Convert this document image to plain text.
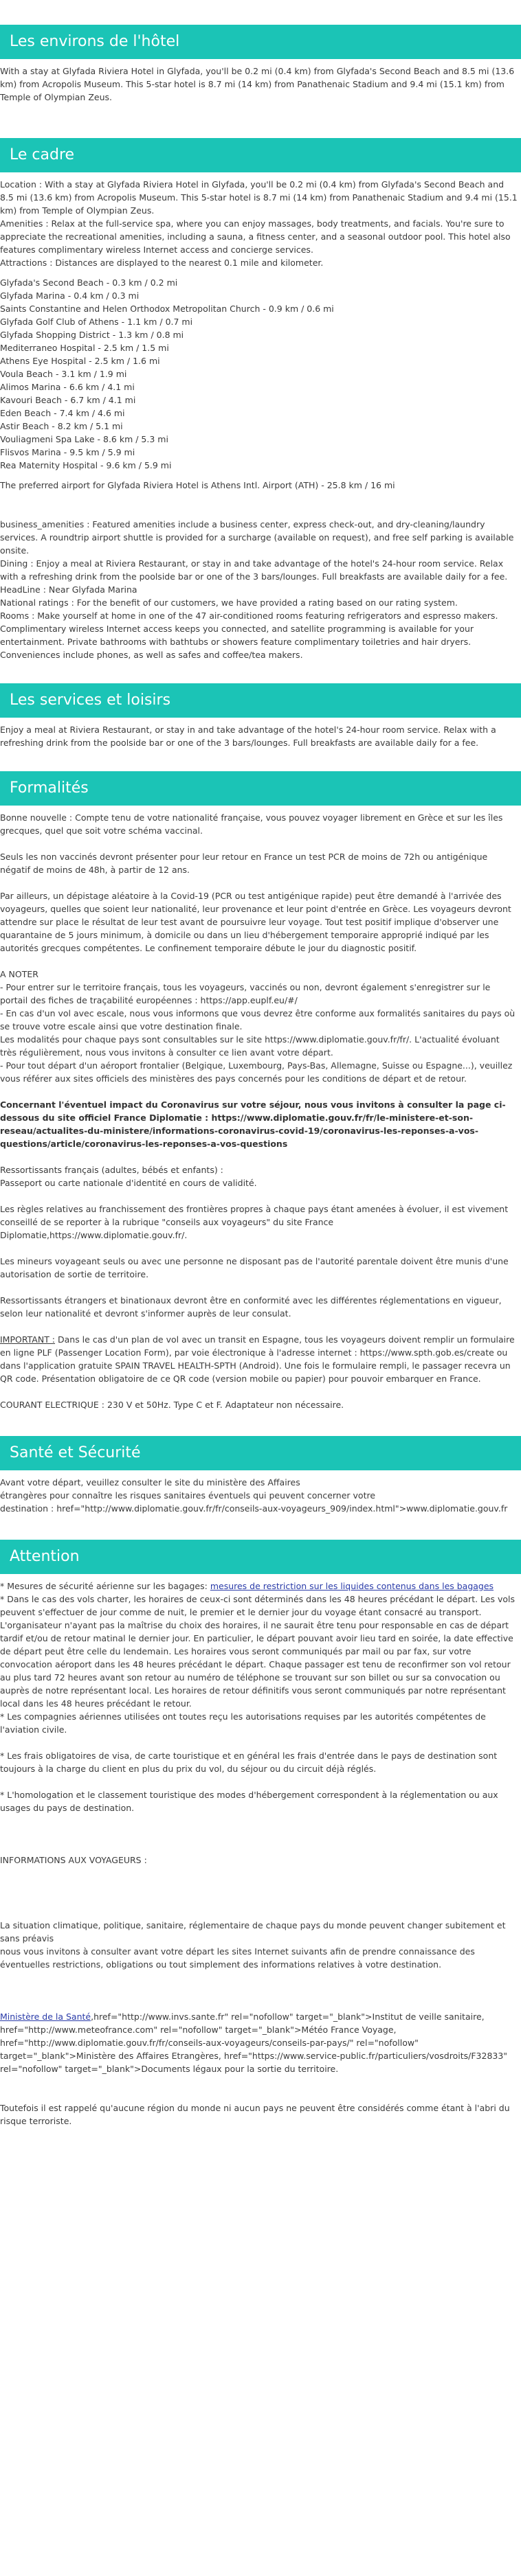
Les environs de l'hôtel

With a stay at Glyfada Riviera Hotel in Glyfada, you'll be 0.2 mi (0.4 km) from Glyfada's Second Beach and 8.5 mi (13.6 km) from Acropolis Museum. This 5-star hotel is 8.7 mi (14 km) from Panathenaic Stadium and 9.4 mi (15.1 km) from Temple of Olympian Zeus.

Le cadre

Location : With a stay at Glyfada Riviera Hotel in Glyfada, you'll be 0.2 mi (0.4 km) from Glyfada's Second Beach and 8.5 mi (13.6 km) from Acropolis Museum. This 5-star hotel is 8.7 mi (14 km) from Panathenaic Stadium and 9.4 mi (15.1 km) from Temple of Olympian Zeus.

Amenities : Relax at the full-service spa, where you can enjoy massages, body treatments, and facials. You're sure to appreciate the recreational amenities, including a sauna, a fitness center, and a seasonal outdoor pool. This hotel also features complimentary wireless Internet access and concierge services.

Attractions : Distances are displayed to the nearest 0.1 mile and kilometer.

Glyfada's Second Beach - 0.3 km / 0.2 mi

Glyfada Marina - 0.4 km / 0.3 mi

Saints Constantine and Helen Orthodox Metropolitan Church - 0.9 km / 0.6 mi

Glyfada Golf Club of Athens - 1.1 km / 0.7 mi

Glyfada Shopping District - 1.3 km / 0.8 mi

Mediterraneo Hospital - 2.5 km / 1.5 mi

Athens Eye Hospital - 2.5 km / 1.6 mi

Voula Beach - 3.1 km / 1.9 mi

Alimos Marina - 6.6 km / 4.1 mi

Kavouri Beach - 6.7 km / 4.1 mi

Eden Beach - 7.4 km / 4.6 mi

Astir Beach - 8.2 km / 5.1 mi

Vouliagmeni Spa Lake - 8.6 km / 5.3 mi

Flisvos Marina - 9.5 km / 5.9 mi

Rea Maternity Hospital - 9.6 km / 5.9 mi

The preferred airport for Glyfada Riviera Hotel is Athens Intl. Airport (ATH) - 25.8 km / 16 mi

business_amenities : Featured amenities include a business center, express check-out, and dry-cleaning/laundry services. A roundtrip airport shuttle is provided for a surcharge (available on request), and free self parking is available onsite.

Dining : Enjoy a meal at Riviera Restaurant, or stay in and take advantage of the hotel's 24-hour room service. Relax with a refreshing drink from the poolside bar or one of the 3 bars/lounges. Full breakfasts are available daily for a fee.

HeadLine : Near Glyfada Marina

National ratings : For the benefit of our customers, we have provided a rating based on our rating system.

Rooms : Make yourself at home in one of the 47 air-conditioned rooms featuring refrigerators and espresso makers. Complimentary wireless Internet access keeps you connected, and satellite programming is available for your entertainment. Private bathrooms with bathtubs or showers feature complimentary toiletries and hair dryers. Conveniences include phones, as well as safes and coffee/tea makers.

Les services et loisirs

Enjoy a meal at Riviera Restaurant, or stay in and take advantage of the hotel's 24-hour room service. Relax with a refreshing drink from the poolside bar or one of the 3 bars/lounges. Full breakfasts are available daily for a fee.

Formalités

Bonne nouvelle : Compte tenu de votre nationalité française, vous pouvez voyager librement en Grèce et sur les îles grecques, quel que soit votre schéma vaccinal.

Seuls les non vaccinés devront présenter pour leur retour en France un test PCR de moins de 72h ou antigénique négatif de moins de 48h, à partir de 12 ans.

Par ailleurs, un dépistage aléatoire à la Covid-19 (PCR ou test antigénique rapide) peut être demandé à l'arrivée des voyageurs, quelles que soient leur nationalité, leur provenance et leur point d'entrée en Grèce. Les voyageurs devront attendre sur place le résultat de leur test avant de poursuivre leur voyage. Tout test positif implique d'observer une quarantaine de 5 jours minimum, à domicile ou dans un lieu d'hébergement temporaire approprié indiqué par les autorités grecques compétentes. Le confinement temporaire débute le jour du diagnostic positif.

A NOTER

- Pour entrer sur le territoire français, tous les voyageurs, vaccinés ou non, devront également s'enregistrer sur le portail des fiches de traçabilité européennes : https://app.euplf.eu/#/

- En cas d'un vol avec escale, nous vous informons que vous devrez être conforme aux formalités sanitaires du pays où se trouve votre escale ainsi que votre destination finale.

Les modalités pour chaque pays sont consultables sur le site https://www.diplomatie.gouv.fr/fr/. L'actualité évoluant très régulièrement, nous vous invitons à consulter ce lien avant votre départ.

- Pour tout départ d'un aéroport frontalier (Belgique, Luxembourg, Pays-Bas, Allemagne, Suisse ou Espagne...), veuillez vous référer aux sites officiels des ministères des pays concernés pour les conditions de départ et de retour.

Concernant l'éventuel impact du Coronavirus sur votre séjour, nous vous invitons à consulter la page ci-dessous du site officiel France Diplomatie : https://www.diplomatie.gouv.fr/fr/le-ministere-et-son-reseau/actualites-du-ministere/informations-coronavirus-covid-19/coronavirus-les-reponses-a-vos-questions/article/coronavirus-les-reponses-a-vos-questions

Ressortissants français (adultes, bébés et enfants) :

Passeport ou carte nationale d'identité en cours de validité.

Les règles relatives au franchissement des frontières propres à chaque pays étant amenées à évoluer, il est vivement conseillé de se reporter à la rubrique "conseils aux voyageurs" du site France Diplomatie,https://www.diplomatie.gouv.fr/.

Les mineurs voyageant seuls ou avec une personne ne disposant pas de l'autorité parentale doivent être munis d'une autorisation de sortie de territoire.

Ressortissants étrangers et binationaux devront être en conformité avec les différentes réglementations en vigueur, selon leur nationalité et devront s'informer auprès de leur consulat.

IMPORTANT : Dans le cas d'un plan de vol avec un transit en Espagne, tous les voyageurs doivent remplir un formulaire en ligne PLF (Passenger Location Form), par voie électronique à l'adresse internet : https://www.spth.gob.es/create ou dans l'application gratuite SPAIN TRAVEL HEALTH-SPTH (Android). Une fois le formulaire rempli, le passager recevra un QR code. Présentation obligatoire de ce QR code (version mobile ou papier) pour pouvoir embarquer en France.

COURANT ELECTRIQUE : 230 V et 50Hz. Type C et F. Adaptateur non nécessaire.

Santé et Sécurité

Avant votre départ, veuillez consulter le site du ministère des Affaires

étrangères pour connaître les risques sanitaires éventuels qui peuvent concerner votre

destination : href="http://www.diplomatie.gouv.fr/fr/conseils-aux-voyageurs_909/index.html">www.diplomatie.gouv.fr

Attention

* Mesures de sécurité aérienne sur les bagages: mesures de restriction sur les liquides contenus dans les bagages

* Dans le cas des vols charter, les horaires de ceux-ci sont déterminés dans les 48 heures précédant le départ. Les vols peuvent s'effectuer de jour comme de nuit, le premier et le dernier jour du voyage étant consacré au transport. L'organisateur n'ayant pas la maîtrise du choix des horaires, il ne saurait être tenu pour responsable en cas de départ tardif et/ou de retour matinal le dernier jour. En particulier, le départ pouvant avoir lieu tard en soirée, la date effective de départ peut être celle du lendemain. Les horaires vous seront communiqués par mail ou par fax, sur votre convocation aéroport dans les 48 heures précédant le départ. Chaque passager est tenu de reconfirmer son vol retour au plus tard 72 heures avant son retour au numéro de téléphone se trouvant sur son billet ou sur sa convocation ou auprès de notre représentant local. Les horaires de retour définitifs vous seront communiqués par notre représentant local dans les 48 heures précédant le retour.

* Les compagnies aériennes utilisées ont toutes reçu les autorisations requises par les autorités compétentes de l'aviation civile.

* Les frais obligatoires de visa, de carte touristique et en général les frais d'entrée dans le pays de destination sont toujours à la charge du client en plus du prix du vol, du séjour ou du circuit déjà réglés.

* L'homologation et le classement touristique des modes d'hébergement correspondent à la réglementation ou aux usages du pays de destination.

INFORMATIONS AUX VOYAGEURS :

La situation climatique, politique, sanitaire, réglementaire de chaque pays du monde peuvent changer subitement et sans préavis

nous vous invitons à consulter avant votre départ les sites Internet suivants afin de prendre connaissance des éventuelles restrictions, obligations ou tout simplement des informations relatives à votre destination.

Ministère de la Santé,href="http://www.invs.sante.fr" rel="nofollow" target="_blank">Institut de veille sanitaire, href="http://www.meteofrance.com" rel="nofollow" target="_blank">Météo France Voyage, href="http://www.diplomatie.gouv.fr/fr/conseils-aux-voyageurs/conseils-par-pays/" rel="nofollow" target="_blank">Ministère des Affaires Etrangères, href="https://www.service-public.fr/particuliers/vosdroits/F32833" rel="nofollow" target="_blank">Documents légaux pour la sortie du territoire.

Toutefois il est rappelé qu'aucune région du monde ni aucun pays ne peuvent être considérés comme étant à l'abri du risque terroriste.
